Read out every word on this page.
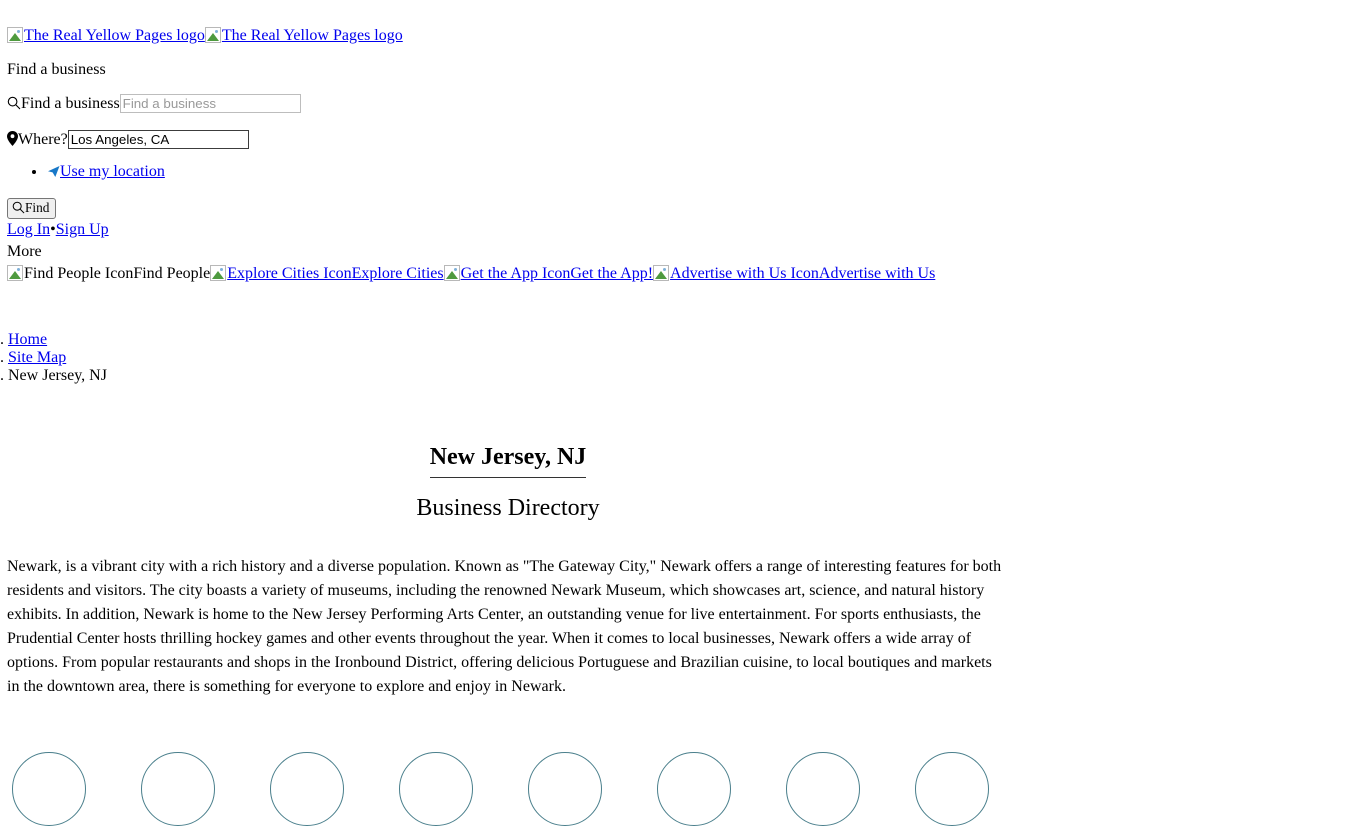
The Real Yellow Pages logo The Real Yellow Pages logo
Find a business
Find a businessFind a business
Where?Los Angeles, CA
• Use my location
Find
Log In•Sign Up
More
Find People IconFind People Explore Cities IconExplore Cities Get the App IconGet the App! Advertise with Us IconAdvertise with Us
. Home
. Site Map
. New Jersey, NJ
New Jersey, NJ
Business Directory

Newark, is a vibrant city with a rich history and a diverse population. Known as "The Gateway City," Newark offers a range of interesting features for both residents and visitors. The city boasts a variety of museums, including the renowned Newark Museum, which showcases art, science, and natural history exhibits. In addition, Newark is home to the New Jersey Performing Arts Center, an outstanding venue for live entertainment. For sports enthusiasts, the Prudential Center hosts thrilling hockey games and other events throughout the year. When it comes to local businesses, Newark offers a wide array of options. From popular restaurants and shops in the Ironbound District, offering delicious Portuguese and Brazilian cuisine, to local boutiques and markets in the downtown area, there is something for everyone to explore and enjoy in Newark.
